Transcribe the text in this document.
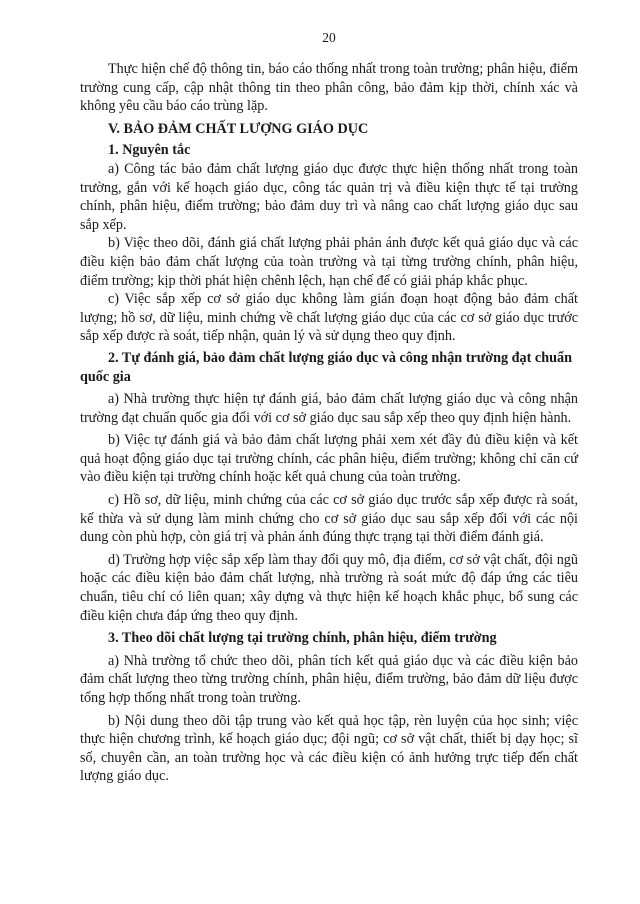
20

Thực hiện chế độ thông tin, báo cáo thống nhất trong toàn trường; phân hiệu, điểm trường cung cấp, cập nhật thông tin theo phân công, bảo đảm kịp thời, chính xác và không yêu cầu báo cáo trùng lặp.

V. BẢO ĐẢM CHẤT LƯỢNG GIÁO DỤC
1. Nguyên tắc

a) Công tác bảo đảm chất lượng giáo dục được thực hiện thống nhất trong toàn trường, gắn với kế hoạch giáo dục, công tác quản trị và điều kiện thực tế tại trường chính, phân hiệu, điểm trường; bảo đảm duy trì và nâng cao chất lượng giáo dục sau sắp xếp.

b) Việc theo dõi, đánh giá chất lượng phải phản ánh được kết quả giáo dục và các điều kiện bảo đảm chất lượng của toàn trường và tại từng trường chính, phân hiệu, điểm trường; kịp thời phát hiện chênh lệch, hạn chế để có giải pháp khắc phục.

c) Việc sắp xếp cơ sở giáo dục không làm gián đoạn hoạt động bảo đảm chất lượng; hồ sơ, dữ liệu, minh chứng về chất lượng giáo dục của các cơ sở giáo dục trước sắp xếp được rà soát, tiếp nhận, quản lý và sử dụng theo quy định.

2. Tự đánh giá, bảo đảm chất lượng giáo dục và công nhận trường đạt chuẩn quốc gia

a) Nhà trường thực hiện tự đánh giá, bảo đảm chất lượng giáo dục và công nhận trường đạt chuẩn quốc gia đối với cơ sở giáo dục sau sắp xếp theo quy định hiện hành.

b) Việc tự đánh giá và bảo đảm chất lượng phải xem xét đầy đủ điều kiện và kết quả hoạt động giáo dục tại trường chính, các phân hiệu, điểm trường; không chỉ căn cứ vào điều kiện tại trường chính hoặc kết quả chung của toàn trường.

c) Hồ sơ, dữ liệu, minh chứng của các cơ sở giáo dục trước sắp xếp được rà soát, kế thừa và sử dụng làm minh chứng cho cơ sở giáo dục sau sắp xếp đối với các nội dung còn phù hợp, còn giá trị và phản ánh đúng thực trạng tại thời điểm đánh giá.

d) Trường hợp việc sắp xếp làm thay đổi quy mô, địa điểm, cơ sở vật chất, đội ngũ hoặc các điều kiện bảo đảm chất lượng, nhà trường rà soát mức độ đáp ứng các tiêu chuẩn, tiêu chí có liên quan; xây dựng và thực hiện kế hoạch khắc phục, bổ sung các điều kiện chưa đáp ứng theo quy định.

3. Theo dõi chất lượng tại trường chính, phân hiệu, điểm trường

a) Nhà trường tổ chức theo dõi, phân tích kết quả giáo dục và các điều kiện bảo đảm chất lượng theo từng trường chính, phân hiệu, điểm trường, bảo đảm dữ liệu được tổng hợp thống nhất trong toàn trường.

b) Nội dung theo dõi tập trung vào kết quả học tập, rèn luyện của học sinh; việc thực hiện chương trình, kế hoạch giáo dục; đội ngũ; cơ sở vật chất, thiết bị dạy học; sĩ số, chuyên cần, an toàn trường học và các điều kiện có ảnh hưởng trực tiếp đến chất lượng giáo dục.
